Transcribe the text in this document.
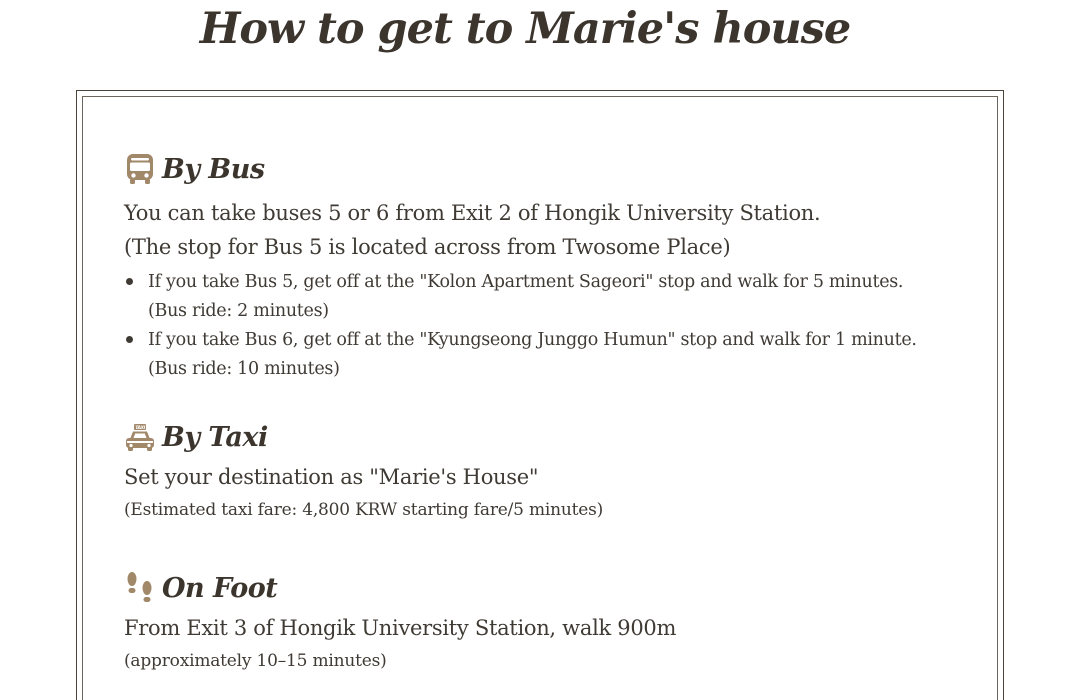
How to get to Marie's house
By Bus

You can take buses 5 or 6 from Exit 2 of Hongik University Station.

(The stop for Bus 5 is located across from Twosome Place)

If you take Bus 5, get off at the "Kolon Apartment Sageori" stop and walk for 5 minutes.
(Bus ride: 2 minutes)
If you take Bus 6, get off at the "Kyungseong Junggo Humun" stop and walk for 1 minute.
(Bus ride: 10 minutes)
TAXI By Taxi

Set your destination as "Marie's House"

(Estimated taxi fare: 4,800 KRW starting fare/5 minutes)

On Foot

From Exit 3 of Hongik University Station, walk 900m

(approximately 10–15 minutes)
